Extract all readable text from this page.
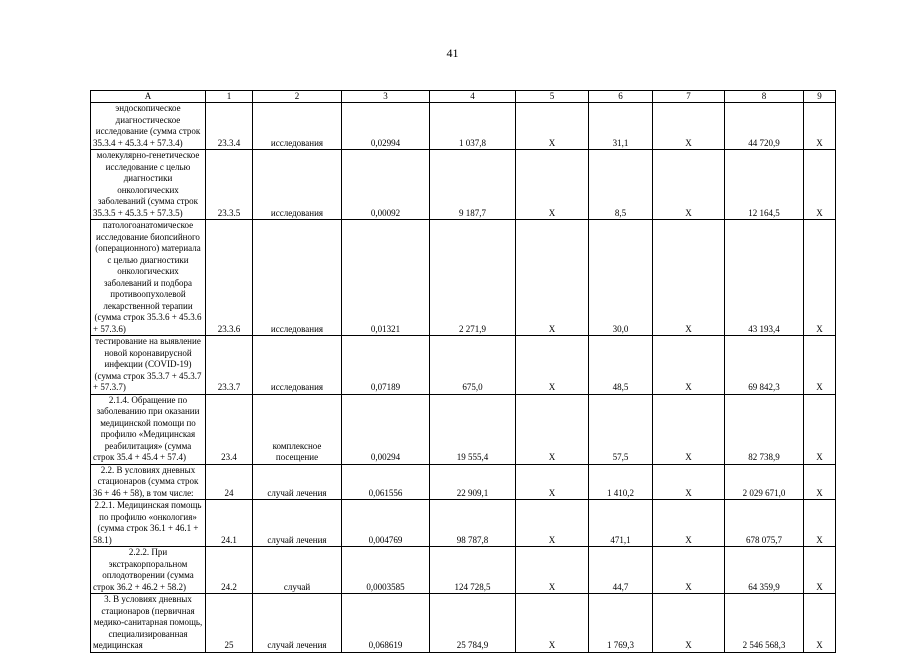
41
А	1	2	3	4	5	6	7	8	9
эндоскопическое диагностическое исследование (сумма строк 35.3.4 + 45.3.4 + 57.3.4)	23.3.4	исследования	0,02994	1 037,8	Х	31,1	Х	44 720,9	Х
молекулярно-генетическое исследование с целью диагностики онкологических заболеваний (сумма строк 35.3.5 + 45.3.5 + 57.3.5)	23.3.5	исследования	0,00092	9 187,7	Х	8,5	Х	12 164,5	Х
патологоанатомическое исследование биопсийного (операционного) материала с целью диагностики онкологических заболеваний и подбора противоопухолевой лекарственной терапии (сумма строк 35.3.6 + 45.3.6 + 57.3.6)	23.3.6	исследования	0,01321	2 271,9	Х	30,0	Х	43 193,4	Х
тестирование на выявление новой коронавирусной инфекции (COVID-19) (сумма строк 35.3.7 + 45.3.7 + 57.3.7)	23.3.7	исследования	0,07189	675,0	Х	48,5	Х	69 842,3	Х
2.1.4. Обращение по заболеванию при оказании медицинской помощи по профилю «Медицинская реабилитация» (сумма строк 35.4 + 45.4 + 57.4)	23.4	комплексное посещение	0,00294	19 555,4	Х	57,5	Х	82 738,9	Х
2.2. В условиях дневных стационаров (сумма строк 36 + 46 + 58), в том числе:	24	случай лечения	0,061556	22 909,1	Х	1 410,2	Х	2 029 671,0	Х
2.2.1. Медицинская помощь по профилю «онкология» (сумма строк 36.1 + 46.1 + 58.1)	24.1	случай лечения	0,004769	98 787,8	Х	471,1	Х	678 075,7	Х
2.2.2. При экстракорпоральном оплодотворении (сумма строк 36.2 + 46.2 + 58.2)	24.2	случай	0,0003585	124 728,5	Х	44,7	Х	64 359,9	Х
3. В условиях дневных стационаров (первичная медико-санитарная помощь, специализированная медицинская	25	случай лечения	0,068619	25 784,9	Х	1 769,3	Х	2 546 568,3	Х
